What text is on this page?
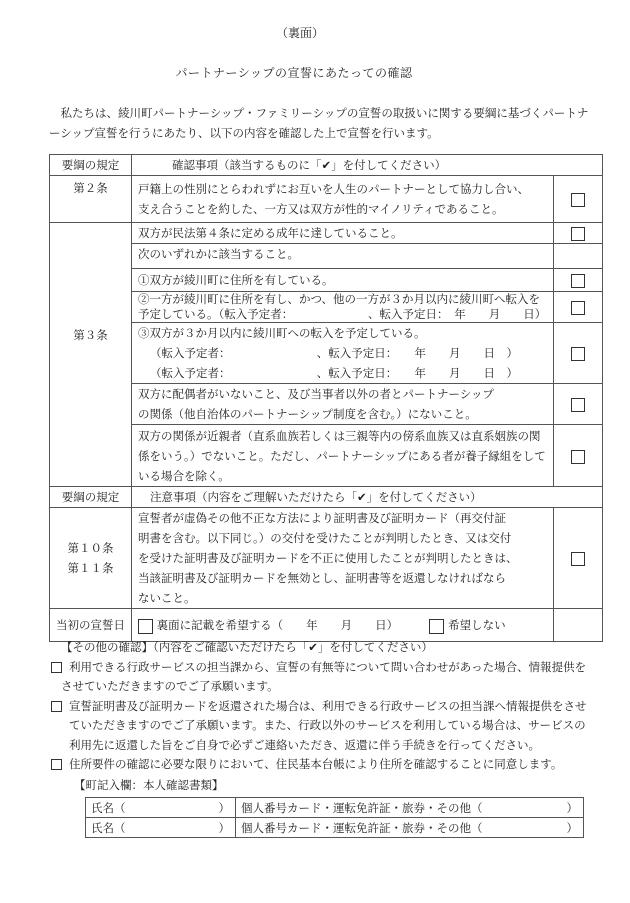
（裏面）
パートナーシップの宣誓にあたっての確認

　私たちは、綾川町パートナーシップ・ファミリーシップの宣誓の取扱いに関する要綱に基づくパートナ

ーシップ宣誓を行うにあたり、以下の内容を確認した上で宣誓を行います。

要綱の規定	確認事項（該当するものに「✔」を付してください）	
第２条	戸籍上の性別にとらわれずにお互いを人生のパートナーとして協力し合い、
支え合うことを約した、一方又は双方が性的マイノリティであること。	
第３条	双方が民法第４条に定める成年に達していること。	
	次のいずれかに該当すること。	
	①双方が綾川町に住所を有している。	
	②一方が綾川町に住所を有し、かつ、他の一方が３か月以内に綾川町へ転入を
予定している。（転入予定者：　　　　　　　、転入予定日：　年　　月　　日）	
	③双方が３か月以内に綾川町への転入を予定している。
（転入予定者：　　　　　　　　、転入予定日：　　年　　月　　日　）
（転入予定者：　　　　　　　　、転入予定日：　　年　　月　　日　）	

	双方に配偶者がいないこと、及び当事者以外の者とパートナーシップ
の関係（他自治体のパートナーシップ制度を含む。）にないこと。	
	双方の関係が近親者（直系血族若しくは三親等内の傍系血族又は直系姻族の関
係をいう。）でないこと。ただし、パートナーシップにある者が養子縁組をして
いる場合を除く。	
要綱の規定	注意事項（内容をご理解いただけたら「✔」を付してください）	
第１０条
第１１条	宣誓者が虚偽その他不正な方法により証明書及び証明カード（再交付証
明書を含む。以下同じ。）の交付を受けたことが判明したとき、又は交付
を受けた証明書及び証明カードを不正に使用したことが判明したときは、
当該証明書及び証明カードを無効とし、証明書等を返還しなければなら
ないこと。	
当初の宣誓日	裏面に記載を希望する（　　年　　月　　日） 希望しない	
【その他の確認】（内容をご確認いただけたら「✔」を付してください）
利用できる行政サービスの担当課から、宣誓の有無等について問い合わせがあった場合、情報提供を
させていただきますのでご了承願います。
宣誓証明書及び証明カードを返還された場合は、利用できる行政サービスの担当課へ情報提供をさせ
ていただきますのでご了承願います。また、行政以外のサービスを利用している場合は、サービスの
利用先に返還した旨をご自身で必ずご連絡いただき、返還に伴う手続きを行ってください。
住所要件の確認に必要な限りにおいて、住民基本台帳により住所を確認することに同意します。
【町記入欄：本人確認書類】
氏名（ ）	個人番号カード・運転免許証・旅券・その他（ ）

氏名（ ）	個人番号カード・運転免許証・旅券・その他（ ）
